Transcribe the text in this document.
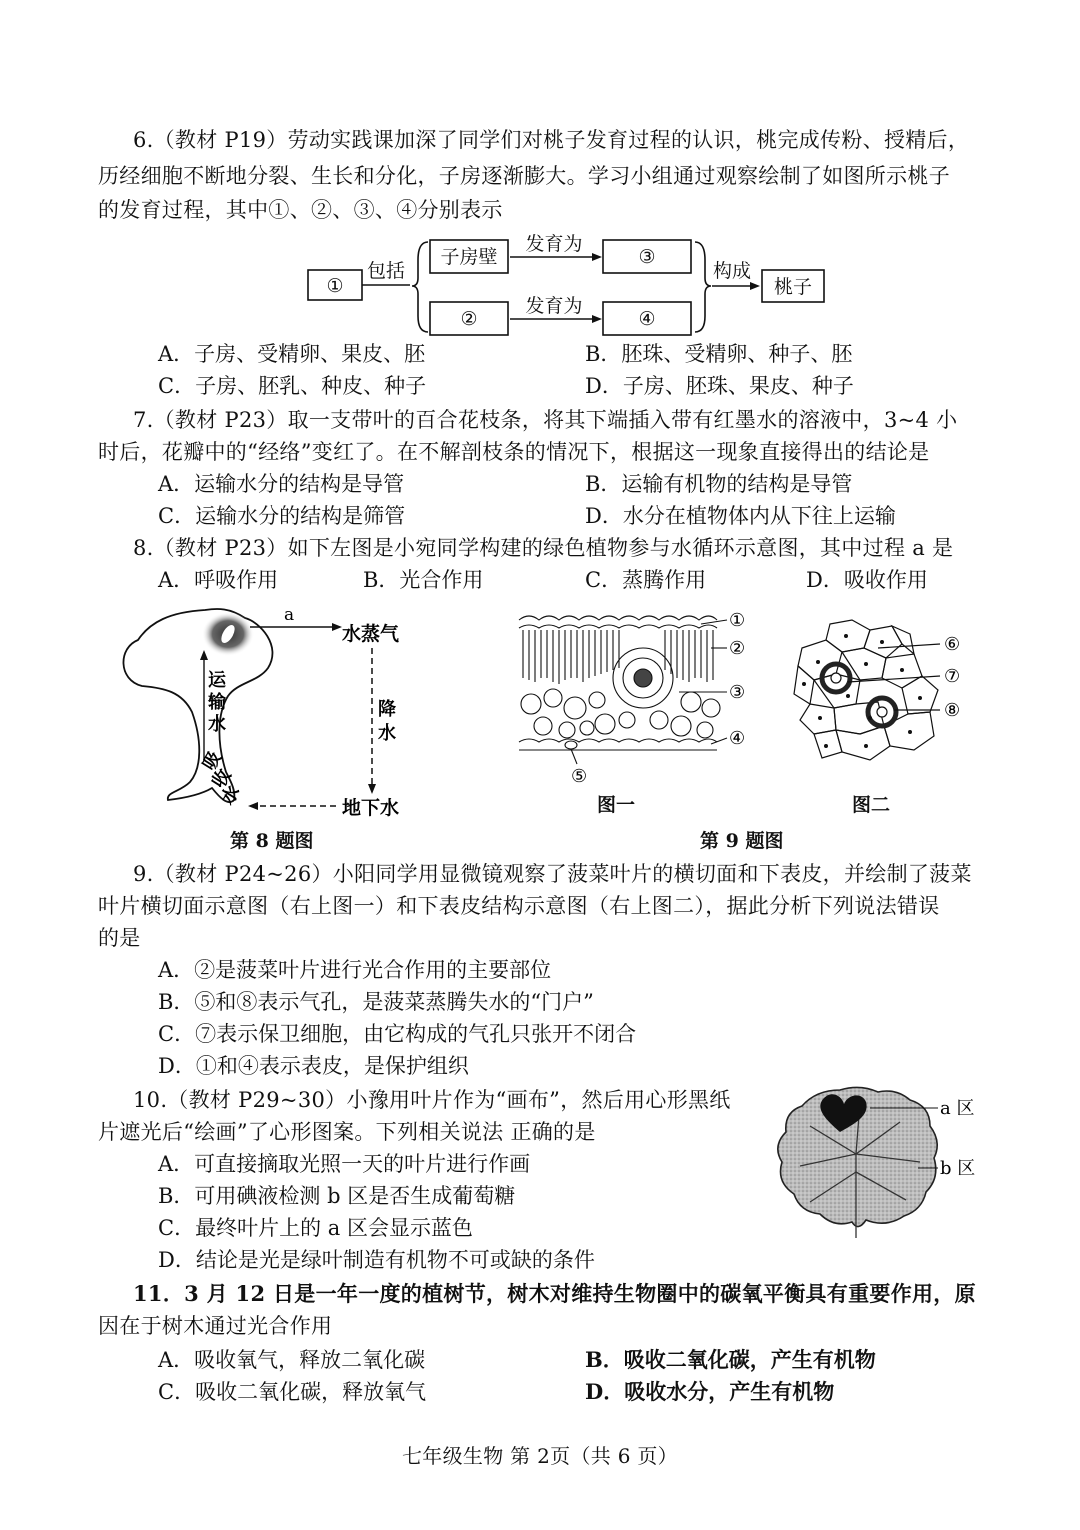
6.（教材 P19）劳动实践课加深了同学们对桃子发育过程的认识，桃完成传粉、授精后，
历经细胞不断地分裂、生长和分化，子房逐渐膨大。学习小组通过观察绘制了如图所示桃子
的发育过程，其中①、②、③、④分别表示
①
包括
子房壁
②
发育为
发育为
③
④
构成
桃子
A．子房、受精卵、果皮、胚	B．胚珠、受精卵、种子、胚
C．子房、胚乳、种皮、种子	D．子房、胚珠、果皮、种子
7.（教材 P23）取一支带叶的百合花枝条，将其下端插入带有红墨水的溶液中，3~4 小
时后，花瓣中的“经络”变红了。在不解剖枝条的情况下，根据这一现象直接得出的结论是
A．运输水分的结构是导管	B．运输有机物的结构是导管
C．运输水分的结构是筛管	D．水分在植物体内从下往上运输
8.（教材 P23）如下左图是小宛同学构建的绿色植物参与水循环示意图，其中过程 a 是
A．呼吸作用	B．光合作用	C．蒸腾作用	D．吸收作用
a
水蒸气
运
输
水
吸
收
水
降
水
地下水
第 8 题图
①
②
③
④
⑤
图一
⑥
⑦
⑧
图二
第 9 题图
9.（教材 P24~26）小阳同学用显微镜观察了菠菜叶片的横切面和下表皮，并绘制了菠菜
叶片横切面示意图（右上图一）和下表皮结构示意图（右上图二），据此分析下列说法错误
的是
A．②是菠菜叶片进行光合作用的主要部位
B．⑤和⑧表示气孔，是菠菜蒸腾失水的“门户”
C．⑦表示保卫细胞，由它构成的气孔只张开不闭合
D．①和④表示表皮，是保护组织
10.（教材 P29~30）小豫用叶片作为“画布”，然后用心形黑纸
片遮光后“绘画”了心形图案。下列相关说法 正确的是
A．可直接摘取光照一天的叶片进行作画
B．可用碘液检测 b 区是否生成葡萄糖
C．最终叶片上的 a 区会显示蓝色
D．结论是光是绿叶制造有机物不可或缺的条件
a 区
b 区
11．3 月 12 日是一年一度的植树节，树木对维持生物圈中的碳氧平衡具有重要作用，原
因在于树木通过光合作用
A．吸收氧气，释放二氧化碳	B．吸收二氧化碳，产生有机物
C．吸收二氧化碳，释放氧气	D．吸收水分，产生有机物
七年级生物 第 2页（共 6 页）
